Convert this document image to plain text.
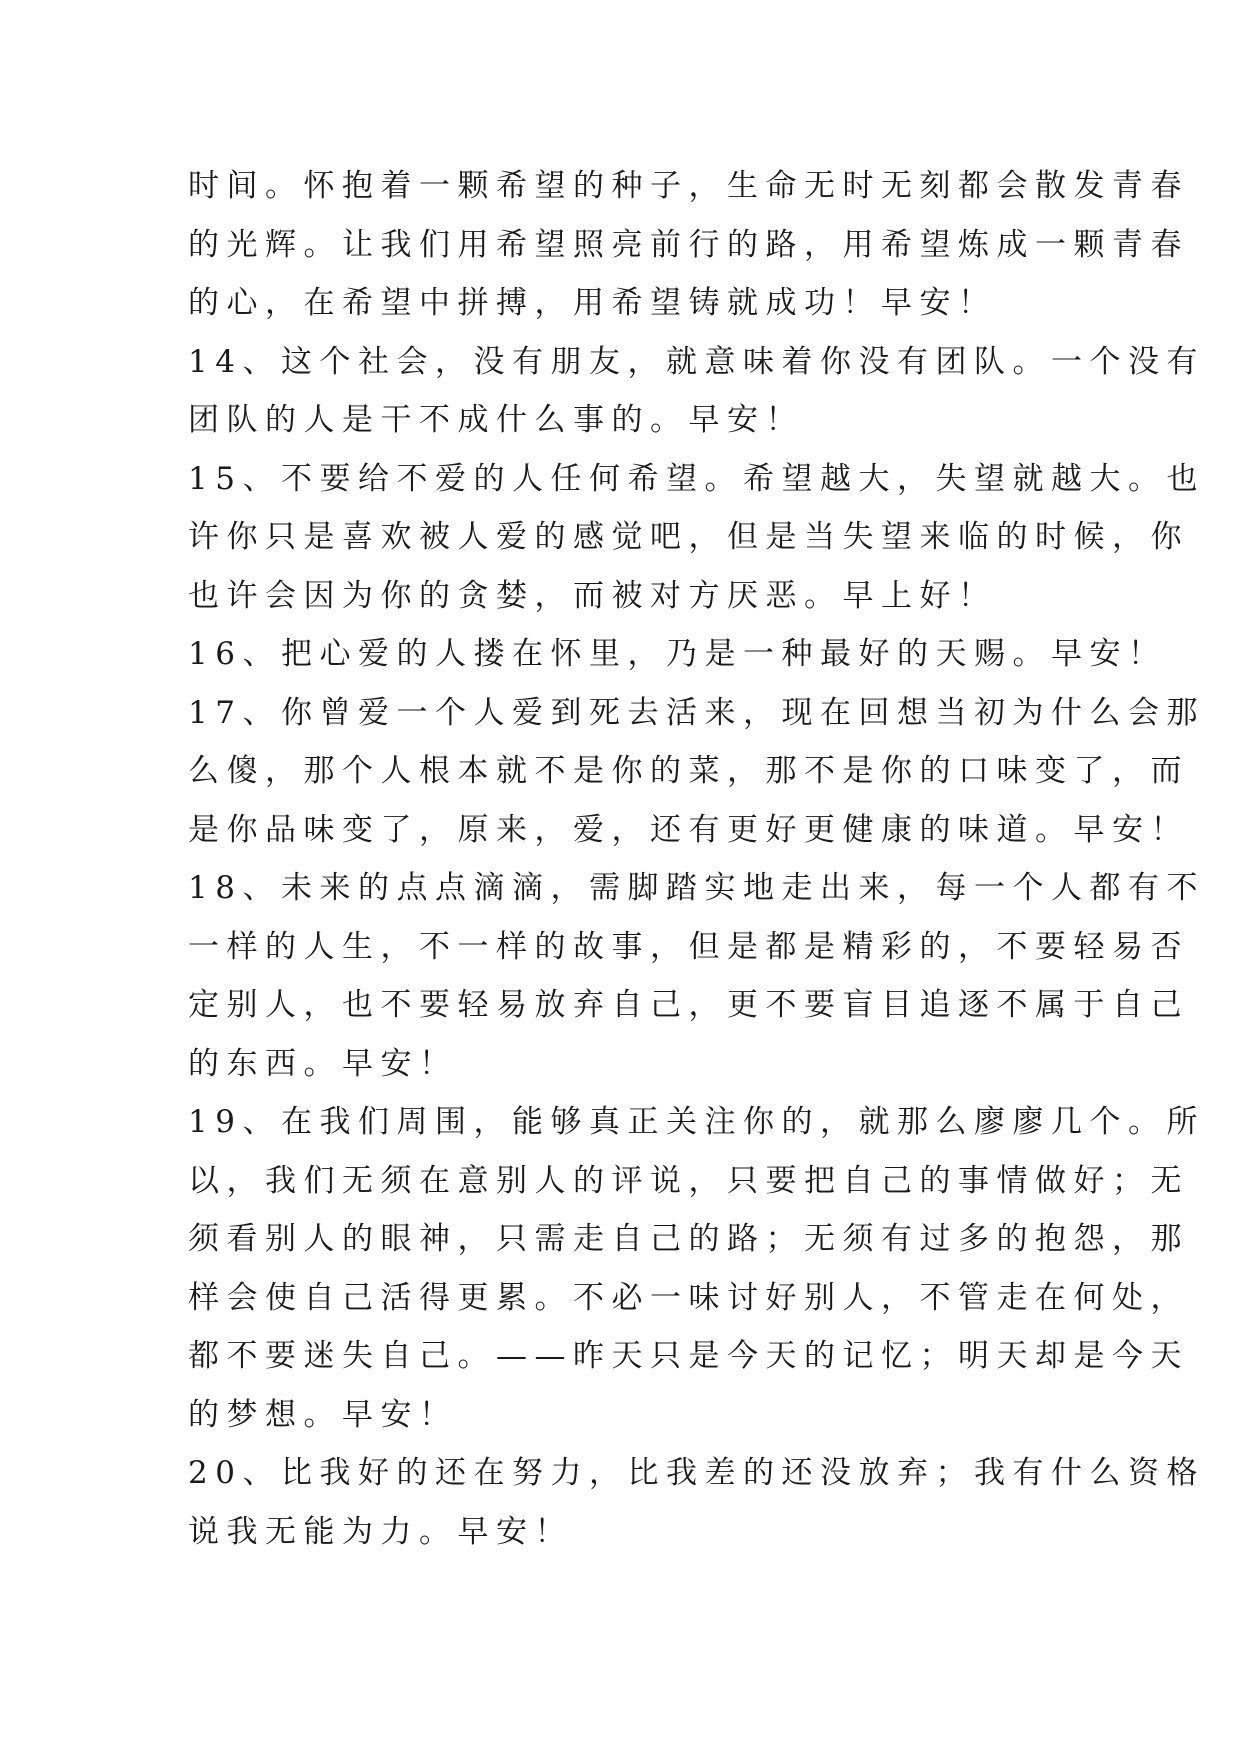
时间。怀抱着一颗希望的种子，生命无时无刻都会散发青春
的光辉。让我们用希望照亮前行的路，用希望炼成一颗青春
的心，在希望中拼搏，用希望铸就成功！早安！
14、这个社会，没有朋友，就意味着你没有团队。一个没有
团队的人是干不成什么事的。早安！
15、不要给不爱的人任何希望。希望越大，失望就越大。也
许你只是喜欢被人爱的感觉吧，但是当失望来临的时候，你
也许会因为你的贪婪，而被对方厌恶。早上好！
16、把心爱的人搂在怀里，乃是一种最好的天赐。早安！
17、你曾爱一个人爱到死去活来，现在回想当初为什么会那
么傻，那个人根本就不是你的菜，那不是你的口味变了，而
是你品味变了，原来，爱，还有更好更健康的味道。早安！
18、未来的点点滴滴，需脚踏实地走出来，每一个人都有不
一样的人生，不一样的故事，但是都是精彩的，不要轻易否
定别人，也不要轻易放弃自己，更不要盲目追逐不属于自己
的东西。早安！
19、在我们周围，能够真正关注你的，就那么廖廖几个。所
以，我们无须在意别人的评说，只要把自己的事情做好；无
须看别人的眼神，只需走自己的路；无须有过多的抱怨，那
样会使自己活得更累。不必一味讨好别人，不管走在何处，
都不要迷失自己。——昨天只是今天的记忆；明天却是今天
的梦想。早安！
20、比我好的还在努力，比我差的还没放弃；我有什么资格
说我无能为力。早安！
